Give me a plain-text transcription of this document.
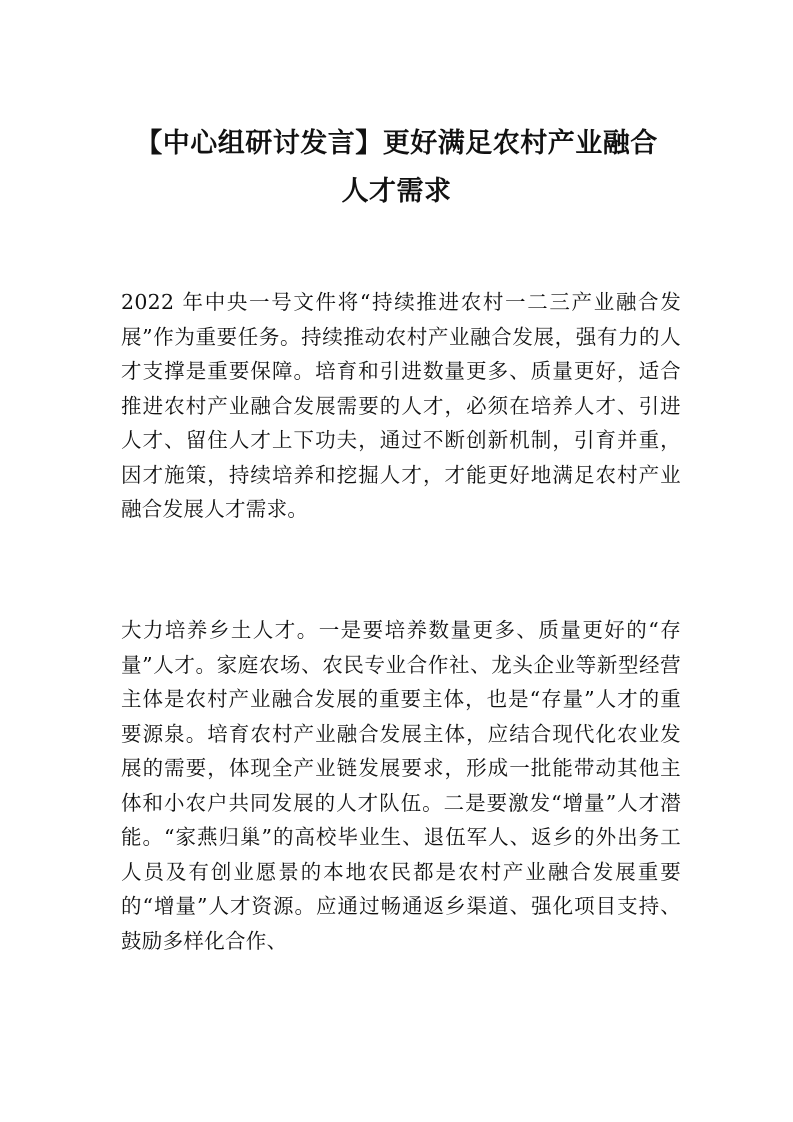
【中心组研讨发言】更好满足农村产业融合
人才需求
2022 年中央一号文件将“持续推进农村一二三产业融合发展”作为重要任务。持续推动农村产业融合发展，强有力的人才支撑是重要保障。培育和引进数量更多、质量更好，适合推进农村产业融合发展需要的人才，必须在培养人才、引进人才、留住人才上下功夫，通过不断创新机制，引育并重，因才施策，持续培养和挖掘人才，才能更好地满足农村产业融合发展人才需求。
大力培养乡土人才。一是要培养数量更多、质量更好的“存量”人才。家庭农场、农民专业合作社、龙头企业等新型经营主体是农村产业融合发展的重要主体，也是“存量”人才的重要源泉。培育农村产业融合发展主体，应结合现代化农业发展的需要，体现全产业链发展要求，形成一批能带动其他主体和小农户共同发展的人才队伍。二是要激发“增量”人才潜能。“家燕归巢”的高校毕业生、退伍军人、返乡的外出务工人员及有创业愿景的本地农民都是农村产业融合发展重要的“增量”人才资源。应通过畅通返乡渠道、强化项目支持、鼓励多样化合作、
